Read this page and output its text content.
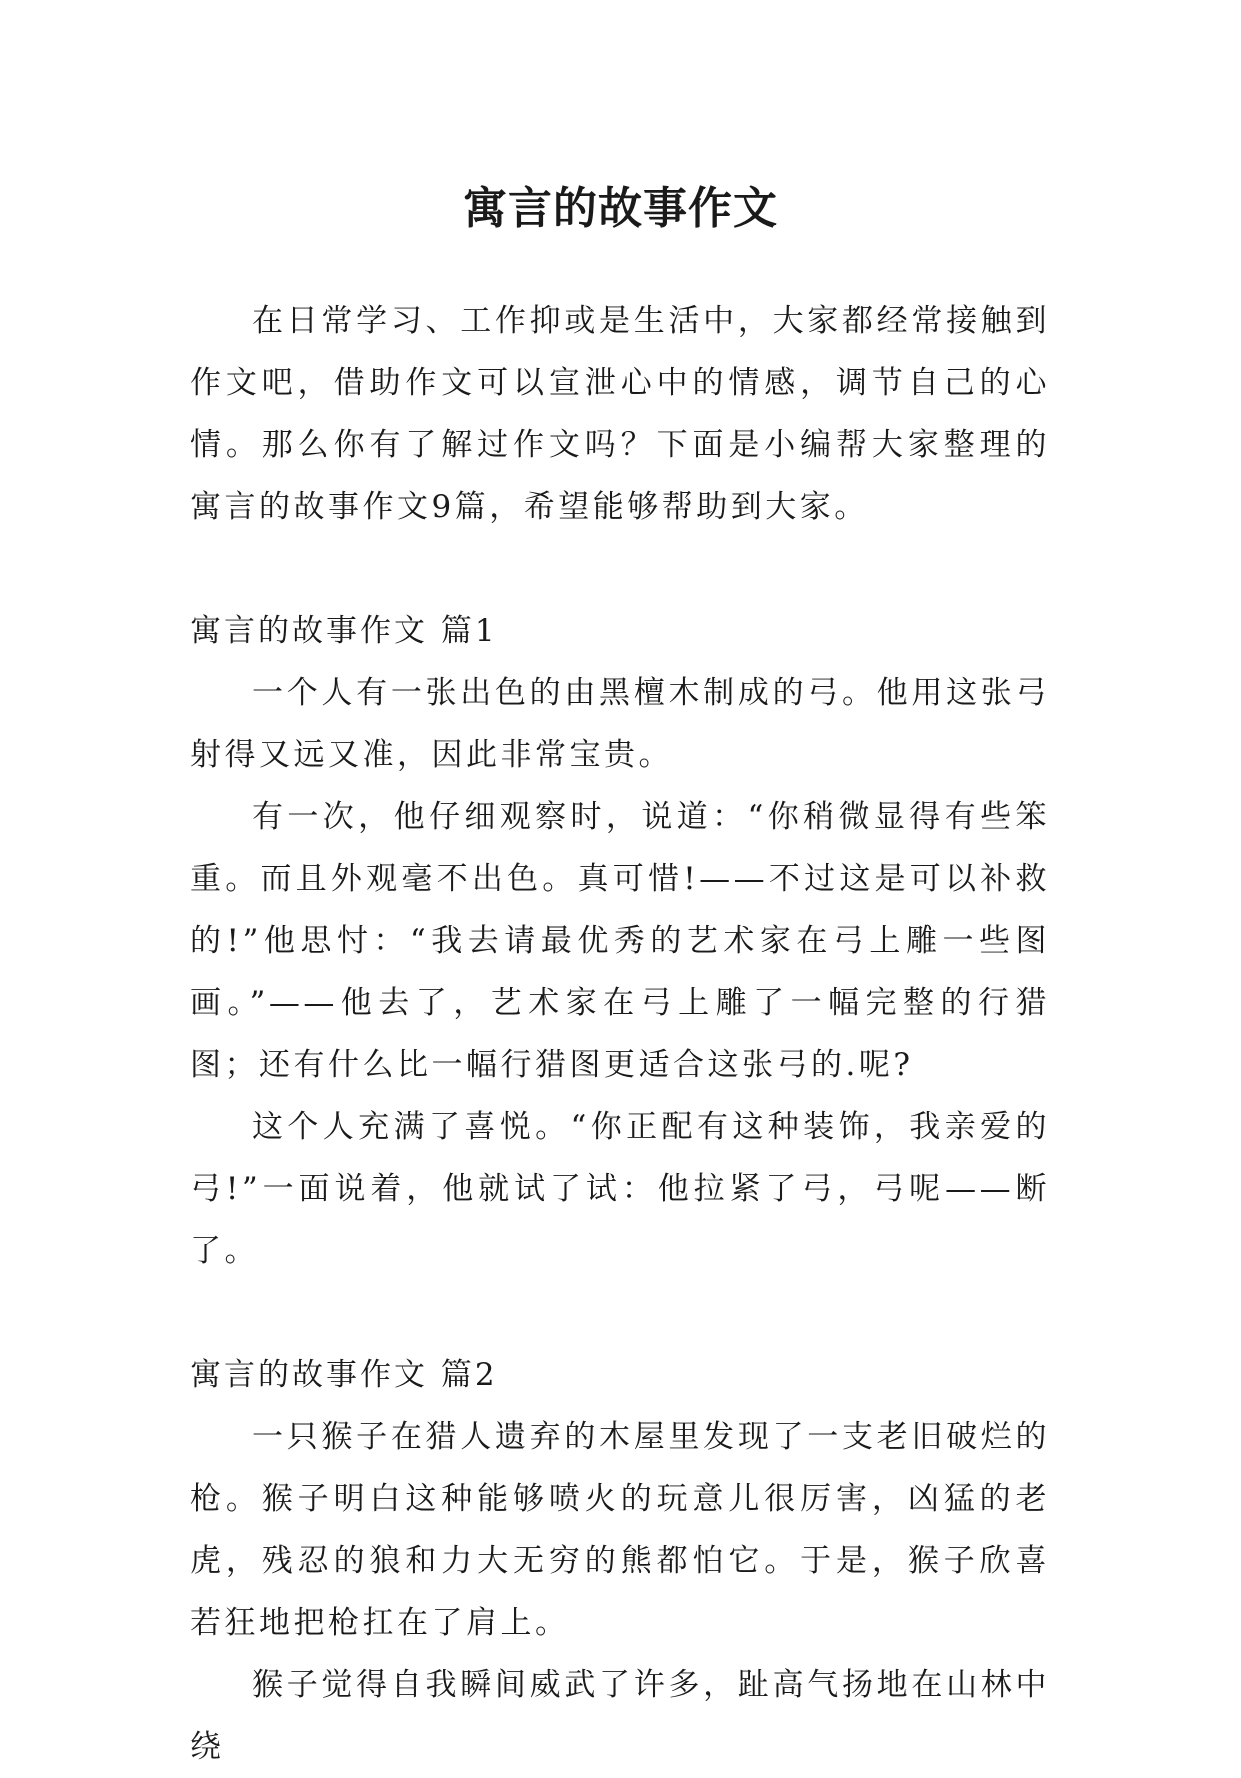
寓言的故事作文

在日常学习、工作抑或是生活中，大家都经常接触到作文吧，借助作文可以宣泄心中的情感，调节自己的心情。那么你有了解过作文吗？下面是小编帮大家整理的寓言的故事作文9篇，希望能够帮助到大家。

寓言的故事作文 篇1

一个人有一张出色的由黑檀木制成的弓。他用这张弓射得又远又准，因此非常宝贵。

有一次，他仔细观察时，说道：“你稍微显得有些笨重。而且外观毫不出色。真可惜!——不过这是可以补救的!”他思忖：“我去请最优秀的艺术家在弓上雕一些图画。”——他去了，艺术家在弓上雕了一幅完整的行猎图；还有什么比一幅行猎图更适合这张弓的.呢?

这个人充满了喜悦。“你正配有这种装饰，我亲爱的弓!”一面说着，他就试了试：他拉紧了弓，弓呢——断了。

寓言的故事作文 篇2

一只猴子在猎人遗弃的木屋里发现了一支老旧破烂的枪。猴子明白这种能够喷火的玩意儿很厉害，凶猛的老虎，残忍的狼和力大无穷的熊都怕它。于是，猴子欣喜若狂地把枪扛在了肩上。

猴子觉得自我瞬间威武了许多，趾高气扬地在山林中绕
